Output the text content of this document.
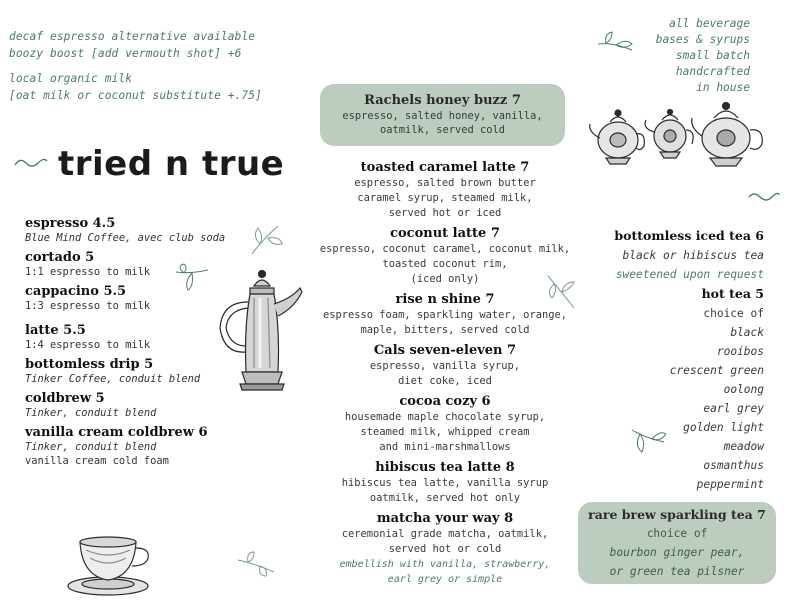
decaf espresso alternative available
boozy boost [add vermouth shot] +6
local organic milk
[oat milk or coconut substitute +.75]
all beverage
bases & syrups
small batch
handcrafted
in house
tried n true
Rachels honey buzz 7
espresso, salted honey, vanilla,
oatmilk, served cold
espresso 4.5
Blue Mind Coffee, avec club soda
cortado 5
1:1 espresso to milk
cappacino 5.5
1:3 espresso to milk
latte 5.5
1:4 espresso to milk
bottomless drip 5
Tinker Coffee, conduit blend
coldbrew 5
Tinker, conduit blend
vanilla cream coldbrew 6
Tinker, conduit blend
vanilla cream cold foam
toasted caramel latte 7
espresso, salted brown butter
caramel syrup, steamed milk,
served hot or iced
coconut latte 7
espresso, coconut caramel, coconut milk,
toasted coconut rim,
(iced only)
rise n shine 7
espresso foam, sparkling water, orange,
maple, bitters, served cold
Cals seven-eleven 7
espresso, vanilla syrup,
diet coke, iced
cocoa cozy 6
housemade maple chocolate syrup,
steamed milk, whipped cream
and mini-marshmallows
hibiscus tea latte 8
hibiscus tea latte, vanilla syrup
oatmilk, served hot only
matcha your way 8
ceremonial grade matcha, oatmilk,
served hot or cold
embellish with vanilla, strawberry,
earl grey or simple
bottomless iced tea 6
black or hibiscus tea
sweetened upon request
hot tea 5
choice of
black
rooibos
crescent green
oolong
earl grey
golden light
meadow
osmanthus
peppermint
rare brew sparkling tea 7
choice of
bourbon ginger pear,
or green tea pilsner
